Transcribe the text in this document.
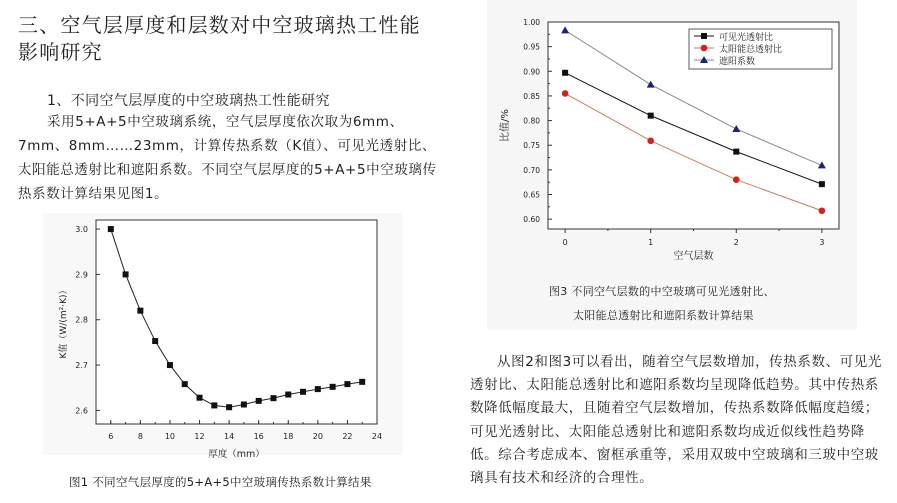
三、空气层厚度和层数对中空玻璃热工性能影响研究
1、不同空气层厚度的中空玻璃热工性能研究
采用5+A+5中空玻璃系统，空气层厚度依次取为6mm、7mm、8mm……23mm，计算传热系数（K值）、可见光透射比、太阳能总透射比和遮阳系数。不同空气层厚度的5+A+5中空玻璃传热系数计算结果见图1。
6	8	10 12 14 16 18 20 22 24
2.6
2.7
2.8
2.9
3.0
厚度（mm）
K值（W/(m²·K)）
图1 不同空气层厚度的5+A+5中空玻璃传热系数计算结果
0	1	2	3
0.60
0.65
0.70
0.75
0.80
0.85
0.90
0.95
1.00
空气层数
比值/%
可见光透射比
太阳能总透射比
遮阳系数
图3 不同空气层数的中空玻璃可见光透射比、
太阳能总透射比和遮阳系数计算结果
从图2和图3可以看出，随着空气层数增加，传热系数、可见光透射比、太阳能总透射比和遮阳系数均呈现降低趋势。其中传热系数降低幅度最大，且随着空气层数增加，传热系数降低幅度趋缓；可见光透射比、太阳能总透射比和遮阳系数均成近似线性趋势降低。综合考虑成本、窗框承重等，采用双玻中空玻璃和三玻中空玻璃具有技术和经济的合理性。
